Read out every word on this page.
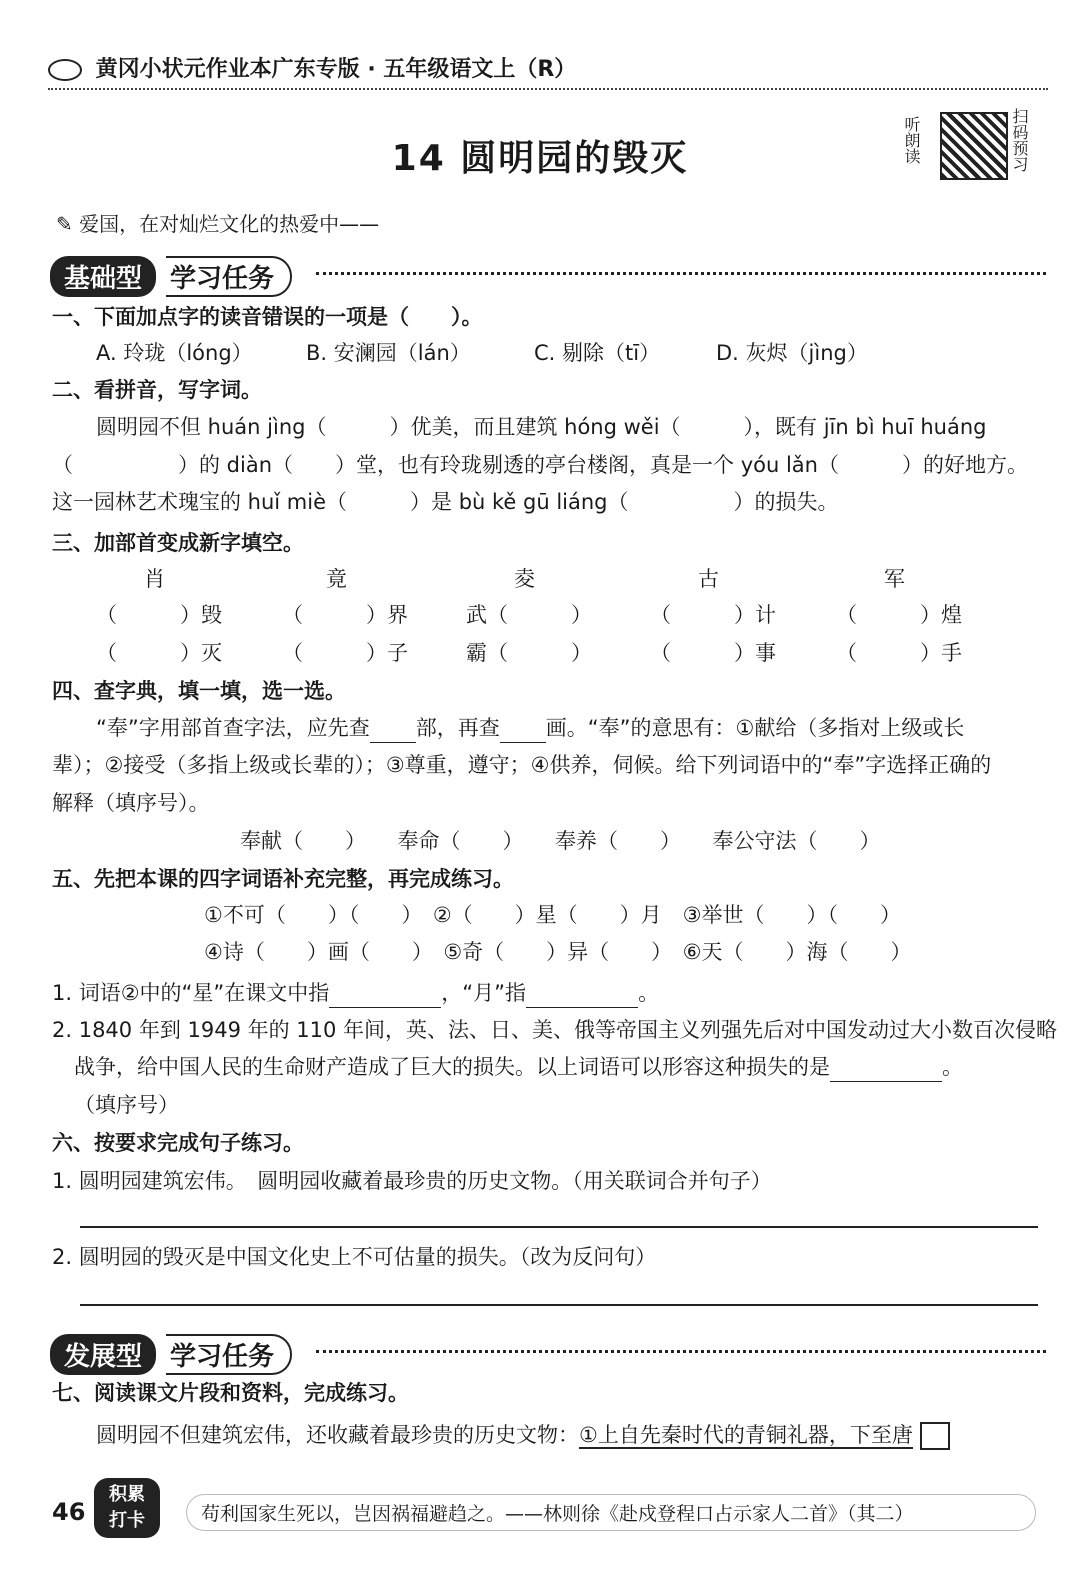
黄冈小状元作业本广东专版 · 五年级语文上（R）
14 圆明园的毁灭	听朗读	扫码预习
✎ 爱国，在对灿烂文化的热爱中——
基础型	学习任务
一、下面加点字的读音错误的一项是（　　）。
A. 玲珑（lóng）	B. 安澜园（lán）	C. 剔除（tī）	D. 灰烬（jìng）
二、看拼音，写字词。
圆明园不但 huán jìng（　　　）优美，而且建筑 hóng wěi（　　　），既有 jīn bì huī huáng
（　　　　　）的 diàn（　　）堂，也有玲珑剔透的亭台楼阁，真是一个 yóu lǎn（　　　）的好地方。
这一园林艺术瑰宝的 huǐ miè（　　　）是 bù kě gū liáng（　　　　　）的损失。
三、加部首变成新字填空。
肖	竟	夌	古	军
（　　　）毁	（　　　）界	武（　　　）	（　　　）计	（　　　）煌
（　　　）灭	（　　　）子	霸（　　　）	（　　　）事	（　　　）手
四、查字典，填一填，选一选。
“奉”字用部首查字法，应先查 部，再查 画。“奉”的意思有：①献给（多指对上级或长
辈）；②接受（多指上级或长辈的）；③尊重，遵守；④供养，伺候。给下列词语中的“奉”字选择正确的
解释（填序号）。
奉献（　　）　　奉命（　　）　　奉养（　　）　　奉公守法（　　）
五、先把本课的四字词语补充完整，再完成练习。
①不可（　　）（　　）　②（　　）星（　　）月　③举世（　　）（　　）
④诗（　　）画（　　）　⑤奇（　　）异（　　）　⑥天（　　）海（　　）
1. 词语②中的“星”在课文中指	，“月”指	。
2. 1840 年到 1949 年的 110 年间，英、法、日、美、俄等帝国主义列强先后对中国发动过大小数百次侵略
战争，给中国人民的生命财产造成了巨大的损失。以上词语可以形容这种损失的是	。
（填序号）
六、按要求完成句子练习。
1. 圆明园建筑宏伟。　圆明园收藏着最珍贵的历史文物。（用关联词合并句子）
2. 圆明园的毁灭是中国文化史上不可估量的损失。（改为反问句）
发展型	学习任务
七、阅读课文片段和资料，完成练习。
圆明园不但建筑宏伟，还收藏着最珍贵的历史文物：①上自先秦时代的青铜礼器，下至唐
46
积累
打卡	苟利国家生死以，岂因祸福避趋之。——林则徐《赴戍登程口占示家人二首》（其二）
